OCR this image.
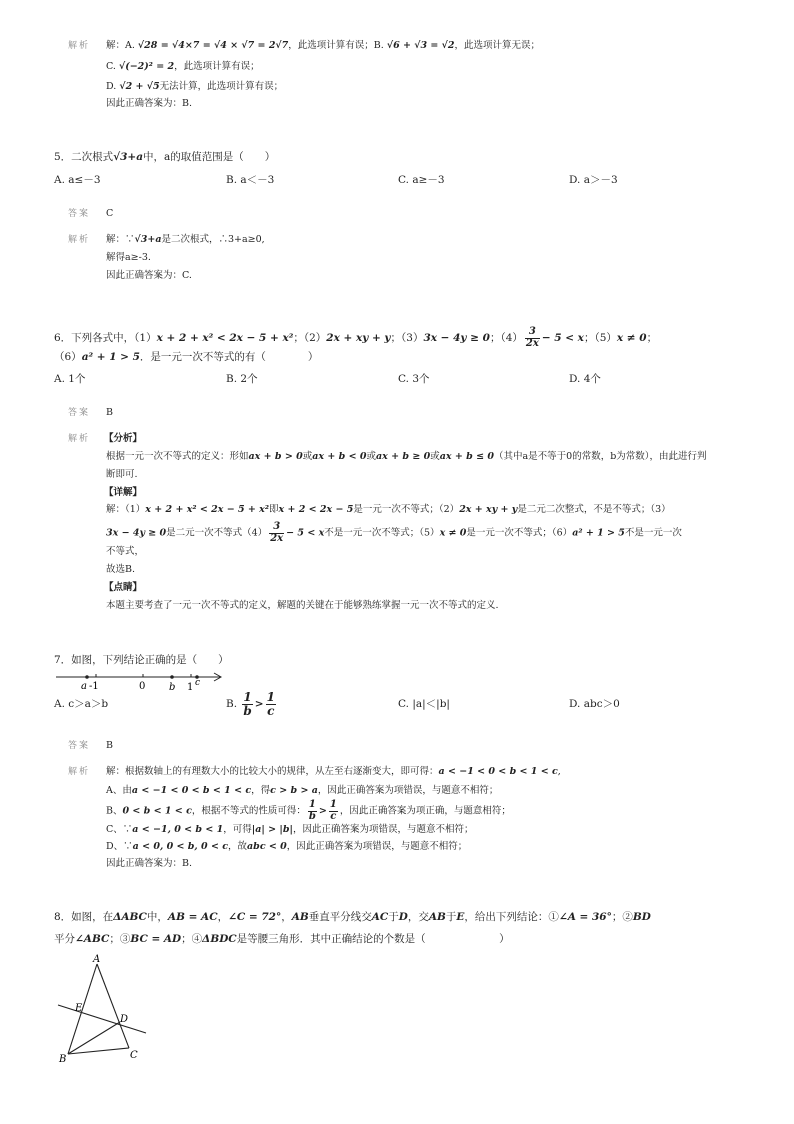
解析 解：A. √28 = √4×7 = √4 × √7 = 2√7，此选项计算有误；B. √6 + √3 = √2，此选项计算无误；
C. √(−2)² = 2，此选项计算有误；
D. √2 + √5无法计算，此选项计算有误；
因此正确答案为：B.
5．二次根式√3+a中，a的取值范围是（　　）
A. a≤－3	B. a＜－3	C. a≥－3	D. a＞－3
答案 C
解析 解：∵√3+a是二次根式，∴3+a≥0,
解得a≥-3.
因此正确答案为：C.
6．下列各式中，（1）x + 2 + x² < 2x − 5 + x²；（2）2x + xy + y；（3）3x − 4y ≥ 0；$(4) \frac{3}{2x} - 5 < x$；（5）x ≠ 0；
（6）a² + 1 > 5．是一元一次不等式的有（　　　　）
A. 1个	B. 2个	C. 3个	D. 4个
答案 B
解析 【分析】
根据一元一次不等式的定义：形如ax + b > 0或ax + b < 0或ax + b ≥ 0或ax + b ≤ 0（其中a是不等于0的常数，b为常数），由此进行判
断即可.
【详解】
解：（1）x + 2 + x² < 2x − 5 + x²即x + 2 < 2x − 5是一元一次不等式；（2）2x + xy + y是二元二次整式，不是不等式；（3）
3x − 4y ≥ 0是二元一次不等式$(4) \frac{3}{2x} - 5 < x$不是一元一次不等式；（5）x ≠ 0是一元一次不等式；（6）a² + 1 > 5不是一元一次
不等式，
故选B.
【点睛】
本题主要考查了一元一次不等式的定义，解题的关键在于能够熟练掌握一元一次不等式的定义.
7．如图，下列结论正确的是（　　）
a -1	0 b 1 c
A. c＞a＞b	B. $\frac{1}{b} > \frac{1}{c}$	C. |a|＜|b|	D. abc＞0
答案 B
解析 解：根据数轴上的有理数大小的比较大小的规律，从左至右逐渐变大，即可得：a < −1 < 0 < b < 1 < c,
A、由a < −1 < 0 < b < 1 < c，得c > b > a，因此正确答案为项错误，与题意不相符；
B、0 < b < 1 < c，根据不等式的性质可得： $\frac{1}{b} > \frac{1}{c}$ ，因此正确答案为项正确，与题意相符；
C、∵a < −1, 0 < b < 1，可得|a| > |b|，因此正确答案为项错误，与题意不相符；
D、∵a < 0, 0 < b, 0 < c，故abc < 0，因此正确答案为项错误，与题意不相符；
因此正确答案为：B.
8．如图，在ΔABC中，AB = AC，∠C = 72°，AB垂直平分线交AC于D，交AB于E，给出下列结论：①∠A = 36°；②BD
平分∠ABC；③BC = AD；④ΔBDC是等腰三角形．其中正确结论的个数是（　　　　　　　）
A
E
D
B	C
